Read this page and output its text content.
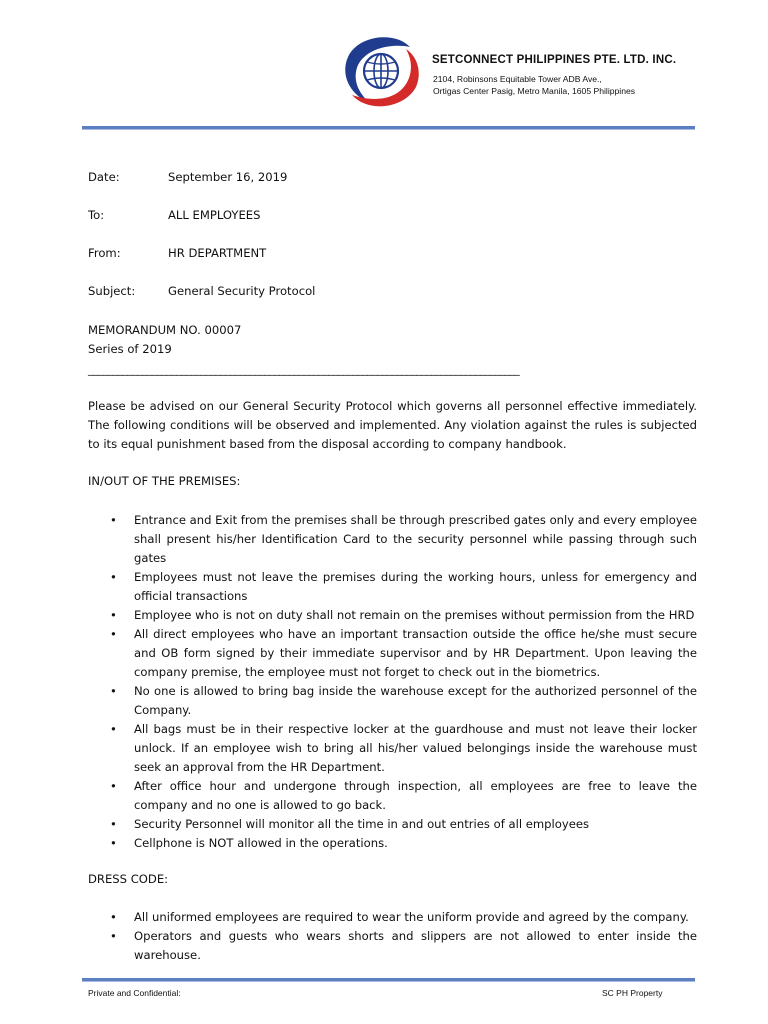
SETCONNECT PHILIPPINES PTE. LTD. INC.
2104, Robinsons Equitable Tower ADB Ave.,
Ortigas Center Pasig, Metro Manila, 1605 Philippines
Date:	September 16, 2019
To:	ALL EMPLOYEES
From:	HR DEPARTMENT
Subject:	General Security Protocol
MEMORANDUM NO. 00007
Series of 2019
________________________________________________________________________________________
Please be advised on our General Security Protocol which governs all personnel effective immediately. The following conditions will be observed and implemented. Any violation against the rules is subjected to its equal punishment based from the disposal according to company handbook.
IN/OUT OF THE PREMISES:
• Entrance and Exit from the premises shall be through prescribed gates only and every employee shall present his/her Identification Card to the security personnel while passing through such gates
• Employees must not leave the premises during the working hours, unless for emergency and official transactions
• Employee who is not on duty shall not remain on the premises without permission from the HRD
• All direct employees who have an important transaction outside the office he/she must secure and OB form signed by their immediate supervisor and by HR Department. Upon leaving the company premise, the employee must not forget to check out in the biometrics.
• No one is allowed to bring bag inside the warehouse except for the authorized personnel of the Company.
• All bags must be in their respective locker at the guardhouse and must not leave their locker unlock. If an employee wish to bring all his/her valued belongings inside the warehouse must seek an approval from the HR Department.
• After office hour and undergone through inspection, all employees are free to leave the company and no one is allowed to go back.
• Security Personnel will monitor all the time in and out entries of all employees
• Cellphone is NOT allowed in the operations.
DRESS CODE:
• All uniformed employees are required to wear the uniform provide and agreed by the company.
• Operators and guests who wears shorts and slippers are not allowed to enter inside the warehouse.
Private and Confidential:	SC PH Property
